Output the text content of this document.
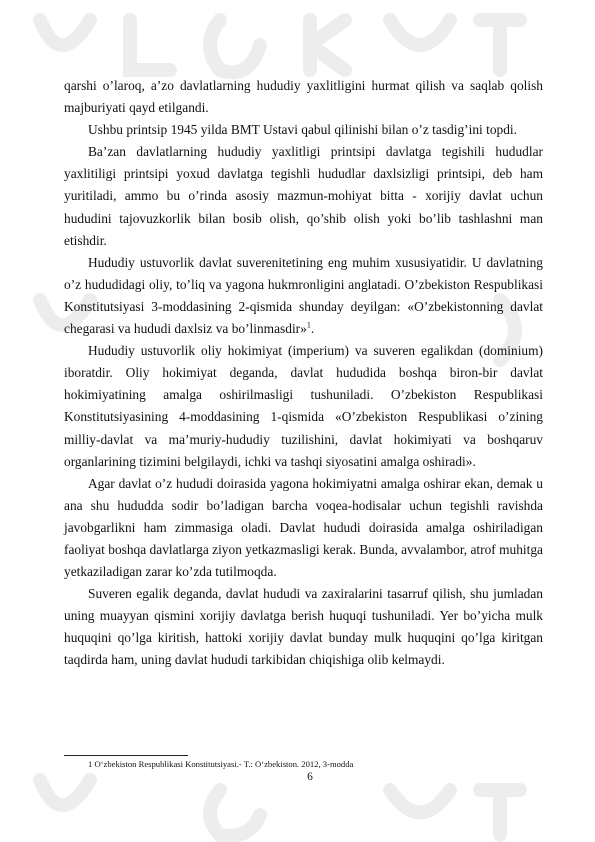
qarshi o’laroq, a’zo davlatlarning hududiy yaxlitligini hurmat qilish va saqlab qolish majburiyati qayd etilgandi.

Ushbu printsip 1945 yilda BMT Ustavi qabul qilinishi bilan o’z tasdig’ini topdi.

Ba’zan davlatlarning hududiy yaxlitligi printsipi davlatga tegishili hududlar yaxlitiligi printsipi yoxud davlatga tegishli hududlar daxlsizligi printsipi, deb ham yuritiladi, ammo bu o’rinda asosiy mazmun-mohiyat bitta - xorijiy davlat uchun hududini tajovuzkorlik bilan bosib olish, qo’shib olish yoki bo’lib tashlashni man etishdir.

Hududiy ustuvorlik davlat suverenitetining eng muhim xususiyatidir. U davlatning o’z hududidagi oliy, to’liq va yagona hukmronligini anglatadi. O’zbekiston Respublikasi Konstitutsiyasi 3-moddasining 2-qismida shunday deyilgan: «O’zbekistonning davlat chegarasi va hududi daxlsiz va bo’linmasdir»$^1$.

Hududiy ustuvorlik oliy hokimiyat (imperium) va suveren egalikdan (dominium) iboratdir. Oliy hokimiyat deganda, davlat hududida boshqa biron-bir davlat hokimiyatining amalga oshirilmasligi tushuniladi. O’zbekiston Respublikasi Konstitutsiyasining 4-moddasining 1-qismida «O’zbekiston Respublikasi o’zining milliy-davlat va ma’muriy-hududiy tuzilishini, davlat hokimiyati va boshqaruv organlarining tizimini belgilaydi, ichki va tashqi siyosatini amalga oshiradi».

Agar davlat o’z hududi doirasida yagona hokimiyatni amalga oshirar ekan, demak u ana shu hududda sodir bo’ladigan barcha voqea-hodisalar uchun tegishli ravishda javobgarlikni ham zimmasiga oladi. Davlat hududi doirasida amalga oshiriladigan faoliyat boshqa davlatlarga ziyon yetkazmasligi kerak. Bunda, avvalambor, atrof muhitga yetkaziladigan zarar ko’zda tutilmoqda.

Suveren egalik deganda, davlat hududi va zaxiralarini tasarruf qilish, shu jumladan uning muayyan qismini xorijiy davlatga berish huquqi tushuniladi. Yer bo’yicha mulk huquqini qo’lga kiritish, hattoki xorijiy davlat bunday mulk huquqini qo’lga kiritgan taqdirda ham, uning davlat hududi tarkibidan chiqishiga olib kelmaydi.

1 O‘zbekiston Respublikasi Konstitutsiyasi.- T.: O‘zbekiston. 2012, 3-modda
6
